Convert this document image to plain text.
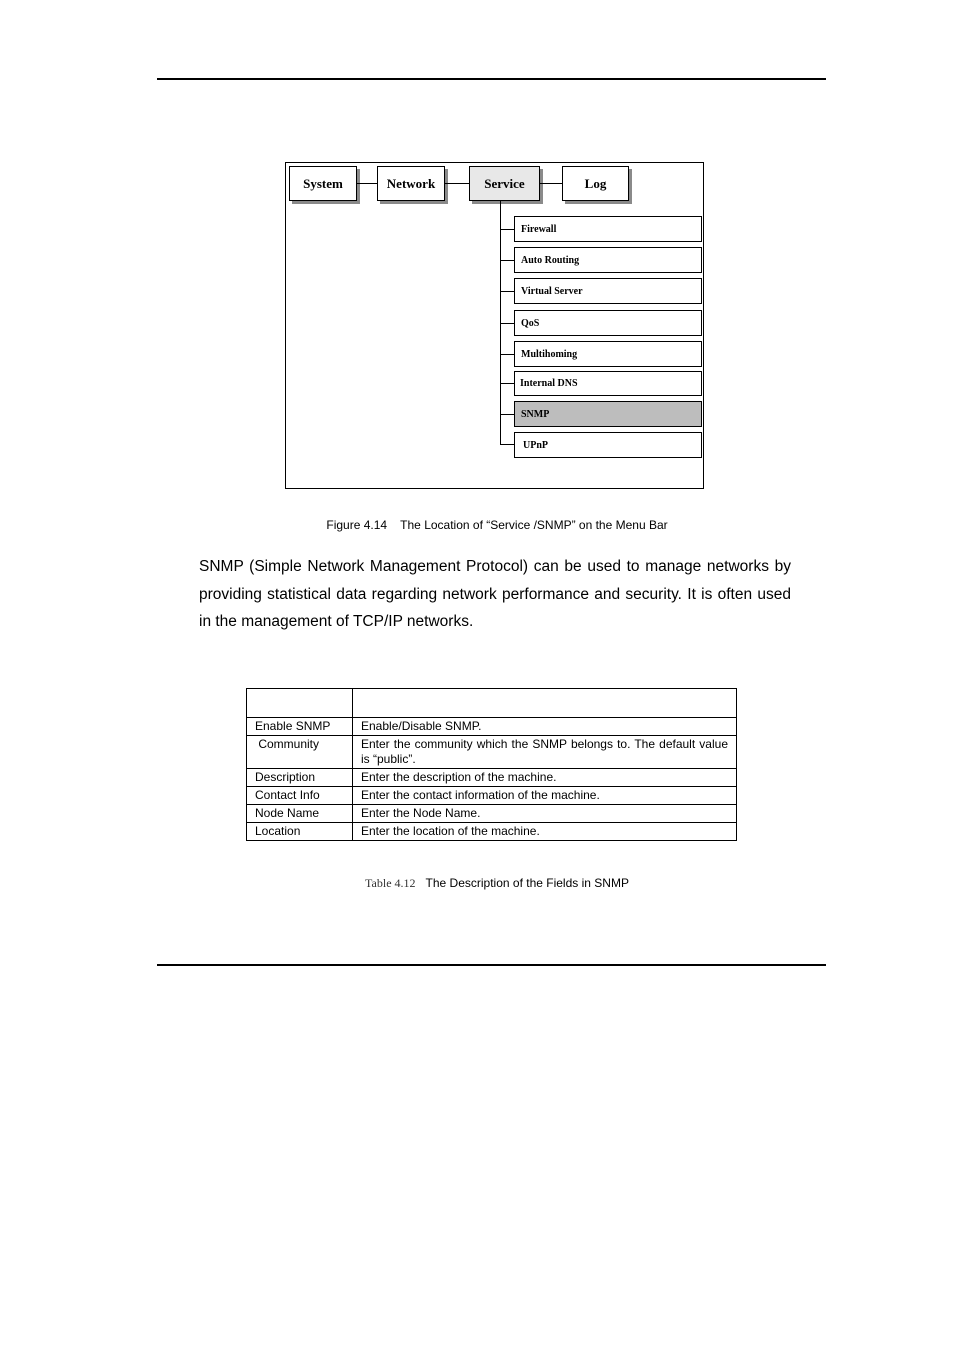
System	Network	Service	Log
Firewall
Auto Routing
Virtual Server
QoS
Multihoming
Internal DNS
SNMP
UPnP
Figure 4.14    The Location of “Service /SNMP” on the Menu Bar

SNMP (Simple Network Management Protocol) can be used to manage networks by providing statistical data regarding network performance and security. It is often used in the management of TCP/IP networks.

Enable SNMP	Enable/Disable SNMP.
Community	Enter the community which the SNMP belongs to. The default value is “public”.
Description	Enter the description of the machine.
Contact Info	Enter the contact information of the machine.
Node Name	Enter the Node Name.
Location	Enter the location of the machine.
Table 4.12 The Description of the Fields in SNMP
